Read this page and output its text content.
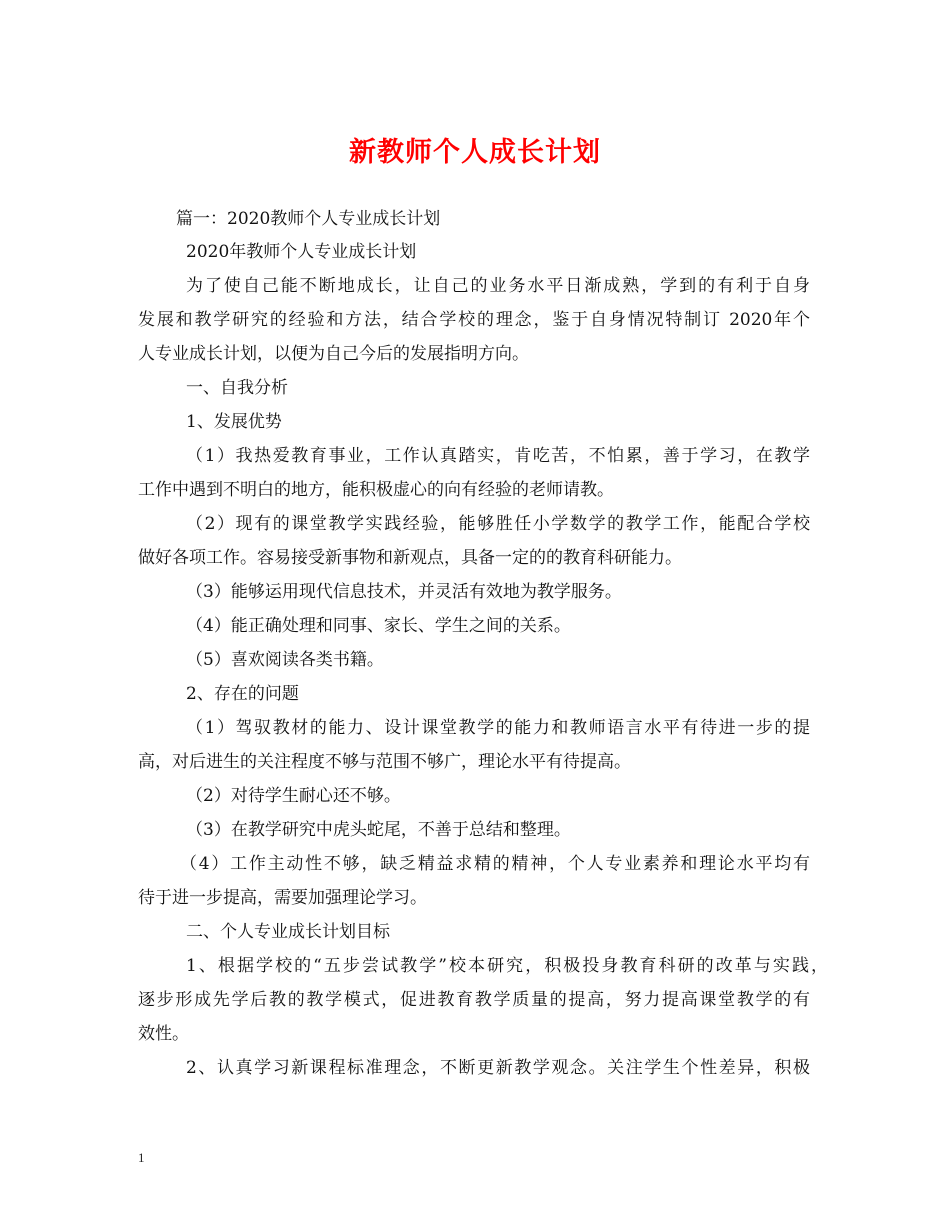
新教师个人成长计划
篇一：2020教师个人专业成长计划
2020年教师个人专业成长计划
为了使自己能不断地成长，让自己的业务水平日渐成熟，学到的有利于自身
发展和教学研究的经验和方法，结合学校的理念，鉴于自身情况特制订 2020年个
人专业成长计划，以便为自己今后的发展指明方向。
一、自我分析
1、发展优势
（1）我热爱教育事业，工作认真踏实，肯吃苦，不怕累，善于学习，在教学
工作中遇到不明白的地方，能积极虚心的向有经验的老师请教。
（2）现有的课堂教学实践经验，能够胜任小学数学的教学工作，能配合学校
做好各项工作。容易接受新事物和新观点，具备一定的的教育科研能力。
（3）能够运用现代信息技术，并灵活有效地为教学服务。
（4）能正确处理和同事、家长、学生之间的关系。
（5）喜欢阅读各类书籍。
2、存在的问题
（1）驾驭教材的能力、设计课堂教学的能力和教师语言水平有待进一步的提
高，对后进生的关注程度不够与范围不够广，理论水平有待提高。
（2）对待学生耐心还不够。
（3）在教学研究中虎头蛇尾，不善于总结和整理。
（4）工作主动性不够，缺乏精益求精的精神，个人专业素养和理论水平均有
待于进一步提高，需要加强理论学习。
二、个人专业成长计划目标
1、根据学校的“五步尝试教学”校本研究，积极投身教育科研的改革与实践，
逐步形成先学后教的教学模式，促进教育教学质量的提高，努力提高课堂教学的有
效性。
2、认真学习新课程标准理念，不断更新教学观念。关注学生个性差异，积极
1
